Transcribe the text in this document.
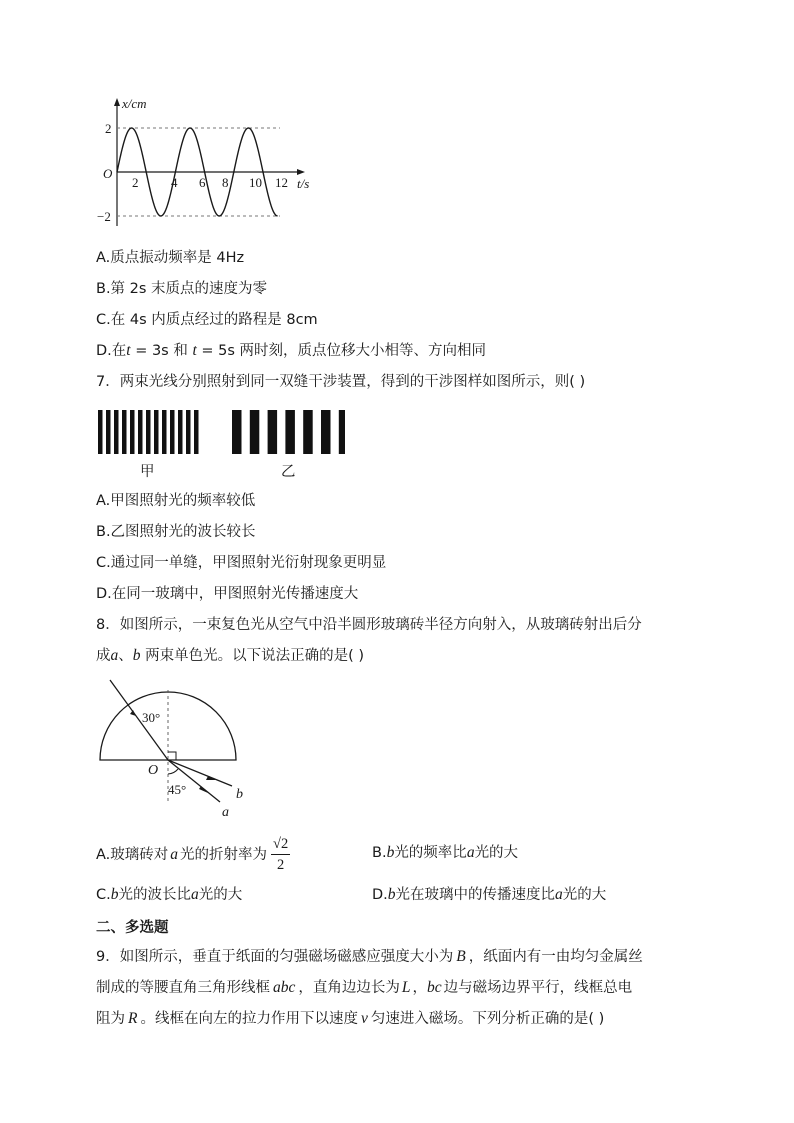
x/cm
t/s
O
2
−2
2	4 6 8 10 12
A.质点振动频率是 4Hz
B.第 2s 末质点的速度为零
C.在 4s 内质点经过的路程是 8cm
D.在t = 3s 和 t = 5s 两时刻，质点位移大小相等、方向相同
7．两束光线分别照射到同一双缝干涉装置，得到的干涉图样如图所示，则( )
甲	乙
A.甲图照射光的频率较低
B.乙图照射光的波长较长
C.通过同一单缝，甲图照射光衍射现象更明显
D.在同一玻璃中，甲图照射光传播速度大
8．如图所示，一束复色光从空气中沿半圆形玻璃砖半径方向射入，从玻璃砖射出后分
成a、b 两束单色光。以下说法正确的是( )
30°
45°
O
b
a
A.玻璃砖对 a 光的折射率为 $\frac{√2}{2}$	B.b光的频率比a光的大
C.b光的波长比a光的大	D.b光在玻璃中的传播速度比a光的大
二、多选题
9．如图所示，垂直于纸面的匀强磁场磁感应强度大小为 B ，纸面内有一由均匀金属丝
制成的等腰直角三角形线框 abc ，直角边边长为 L ，bc 边与磁场边界平行，线框总电
阻为 R 。线框在向左的拉力作用下以速度 v 匀速进入磁场。下列分析正确的是( )
